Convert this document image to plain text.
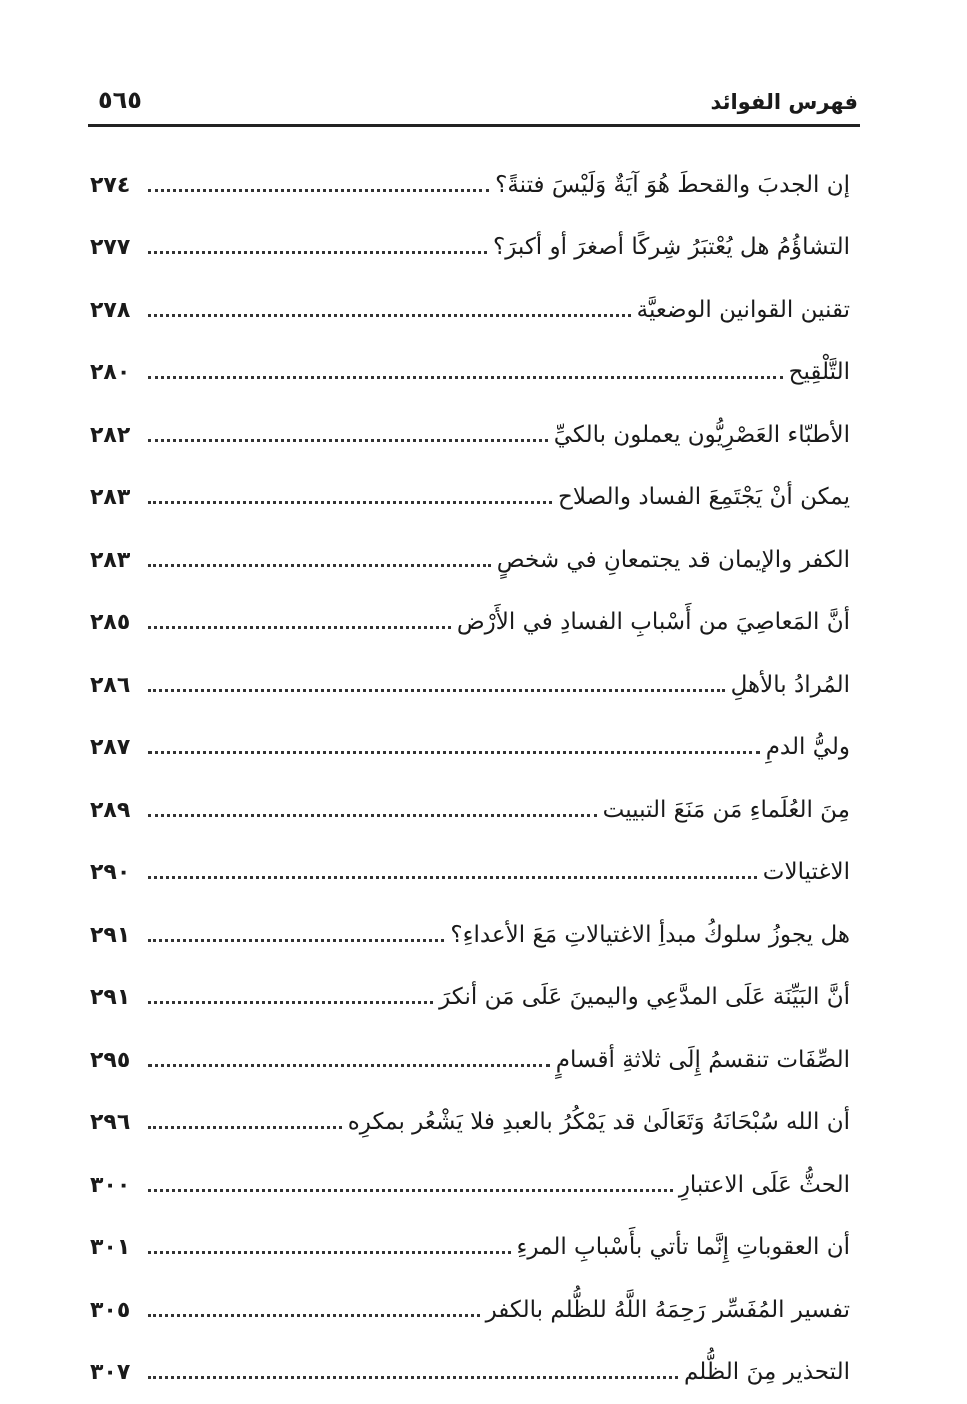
فهرس الفوائد
٥٦٥
إن الجدبَ والقحطَ هُوَ آيَةٌ وَلَيْسَ فتنةً؟
٢٧٤
التشاؤُمُ هل يُعْتبَرُ شِركًا أصغرَ أو أكبرَ؟
٢٧٧
تقنين القوانين الوضعيَّة
٢٧٨
التَّلْقِيح
٢٨٠
الأطبّاء العَصْرِيُّون يعملون بالكيِّ
٢٨٢
يمكن أنْ يَجْتَمِعَ الفساد والصلاح
٢٨٣
الكفر والإيمان قد يجتمعانِ في شخصٍ
٢٨٣
أنَّ المَعاصِيَ من أَسْبابِ الفسادِ في الأَرْض
٢٨٥
المُرادُ بالأهلِ
٢٨٦
وليُّ الدمِ
٢٨٧
مِنَ العُلَماءِ مَن مَنَعَ التبييت
٢٨٩
الاغتيالات
٢٩٠
هل يجوزُ سلوكُ مبدأِ الاغتيالاتِ مَعَ الأعداءِ؟
٢٩١
أنَّ البَيِّنَة عَلَى المدَّعِي واليمينَ عَلَى مَن أنكرَ
٢٩١
الصِّفَات تنقسمُ إِلَى ثلاثةِ أقسامٍ
٢٩٥
أن الله سُبْحَانَهُ وَتَعَالَىٰ قد يَمْكُرُ بالعبدِ فلا يَشْعُر بمكرِه
٢٩٦
الحثُّ عَلَى الاعتبارِ
٣٠٠
أن العقوباتِ إِنَّما تأتي بأَسْبابِ المرءِ
٣٠١
تفسير المُفَسِّر رَحِمَهُ اللَّهُ للظُّلم بالكفر
٣٠٥
التحذير مِنَ الظُّلم
٣٠٧
